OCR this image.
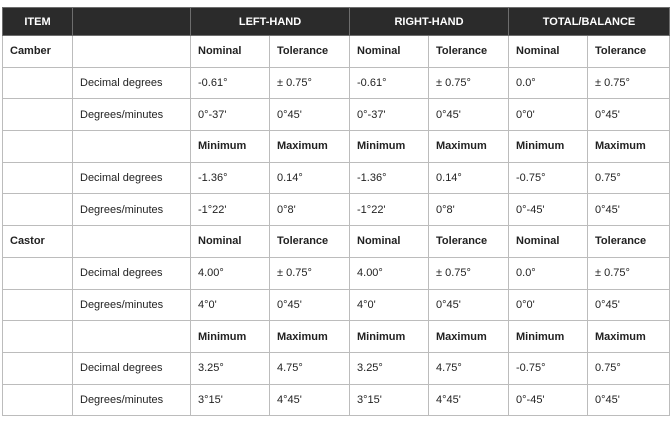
ITEM		LEFT-HAND		RIGHT-HAND		TOTAL/BALANCE	
Camber		Nominal	Tolerance	Nominal	Tolerance	Nominal	Tolerance
	Decimal degrees	-0.61°	± 0.75°	-0.61°	± 0.75°	0.0°	± 0.75°
	Degrees/minutes	0°-37'	0°45'	0°-37'	0°45'	0°0'	0°45'
		Minimum	Maximum	Minimum	Maximum	Minimum	Maximum
	Decimal degrees	-1.36°	0.14°	-1.36°	0.14°	-0.75°	0.75°
	Degrees/minutes	-1°22'	0°8'	-1°22'	0°8'	0°-45'	0°45'
Castor		Nominal	Tolerance	Nominal	Tolerance	Nominal	Tolerance
	Decimal degrees	4.00°	± 0.75°	4.00°	± 0.75°	0.0°	± 0.75°
	Degrees/minutes	4°0'	0°45'	4°0'	0°45'	0°0'	0°45'
		Minimum	Maximum	Minimum	Maximum	Minimum	Maximum
	Decimal degrees	3.25°	4.75°	3.25°	4.75°	-0.75°	0.75°
	Degrees/minutes	3°15'	4°45'	3°15'	4°45'	0°-45'	0°45'
